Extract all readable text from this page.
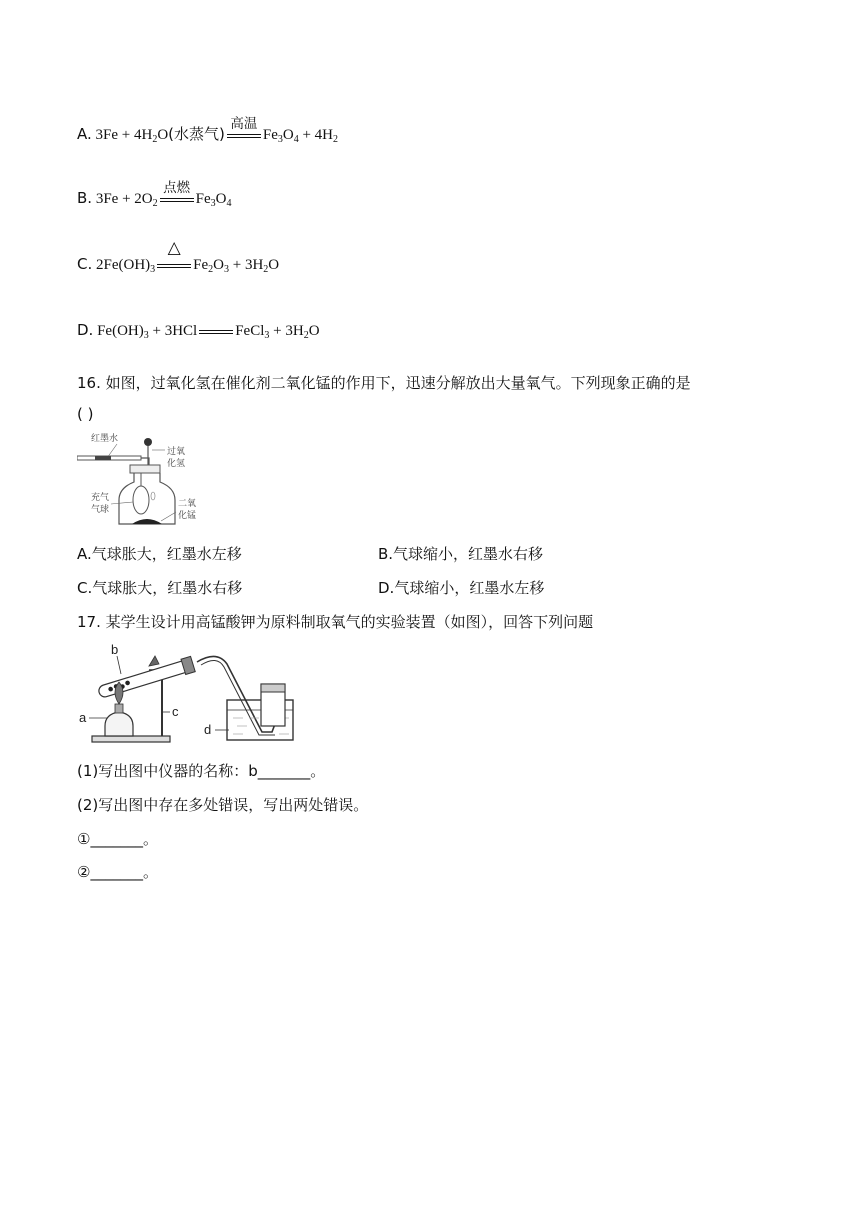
A. $3Fe + 4H_2O$(水蒸气)
高温
$Fe_3O_4 + 4H_2$
B. $3Fe + 2O_2$
点燃
$Fe_3O_4$
C. $2Fe(OH)_3$
△
$Fe_2O_3 + 3H_2O$
D. $Fe(OH)_3 + 3HCl$	FeCl$_3$ + $3H_2O$
16. 如图，过氧化氢在催化剂二氧化锰的作用下，迅速分解放出大量氧气。下列现象正确的是
( )
红墨水
过氧
化氢
充气
气球
二氧
化锰
A.气球胀大，红墨水左移	B.气球缩小，红墨水右移
C.气球胀大，红墨水右移	D.气球缩小，红墨水左移
17. 某学生设计用高锰酸钾为原料制取氧气的实验装置（如图），回答下列问题
b
a	c
d
(1)写出图中仪器的名称：b_______。
(2)写出图中存在多处错误，写出两处错误。
①_______。
②_______。
